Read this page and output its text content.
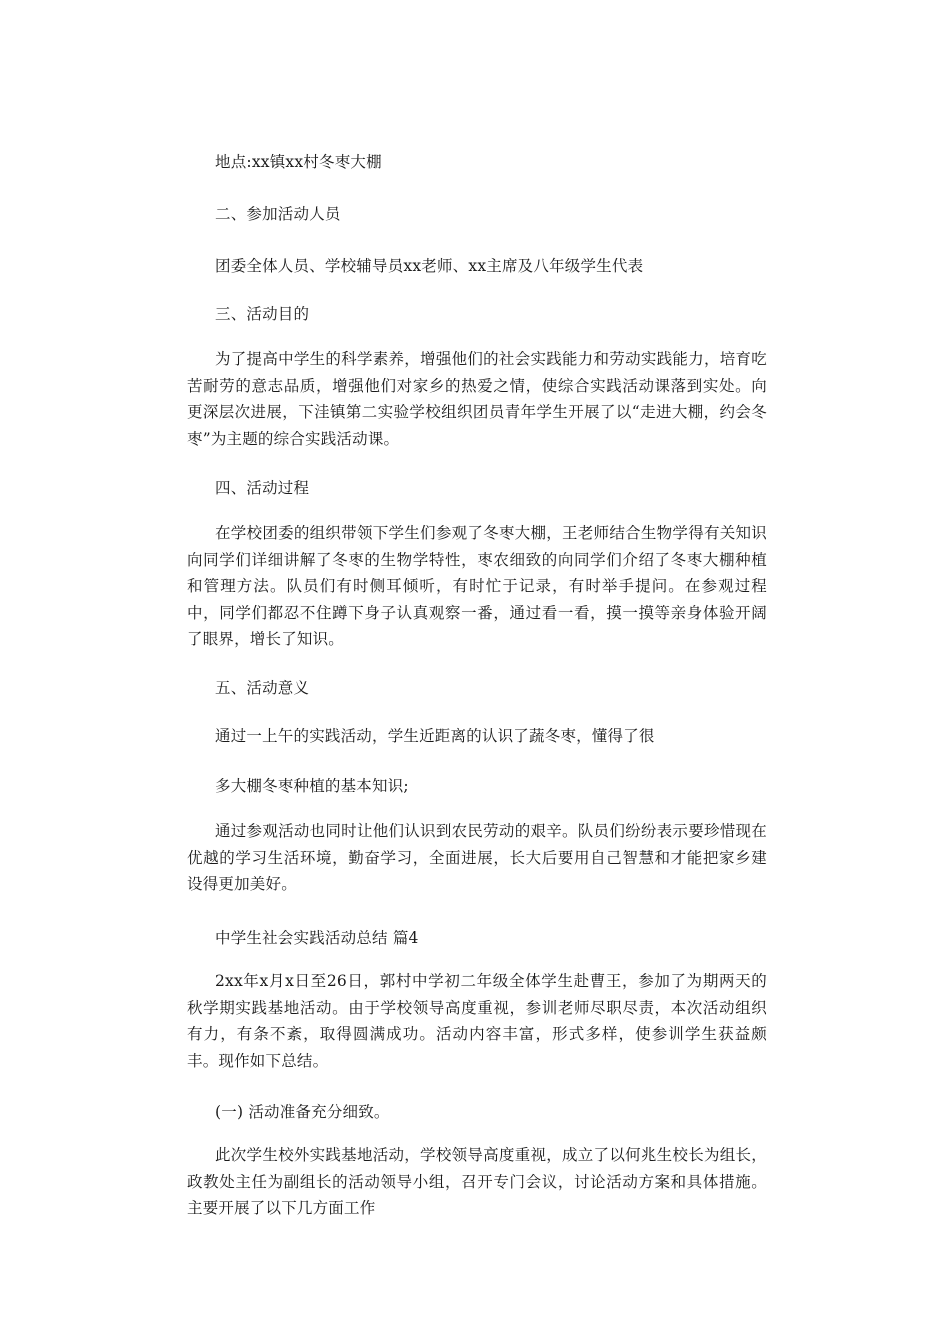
地点:xx镇xx村冬枣大棚
二、参加活动人员
团委全体人员、学校辅导员xx老师、xx主席及八年级学生代表
三、活动目的
为了提高中学生的科学素养，增强他们的社会实践能力和劳动实践能力，培育吃苦耐劳的意志品质，增强他们对家乡的热爱之情，使综合实践活动课落到实处。向更深层次进展，下洼镇第二实验学校组织团员青年学生开展了以“走进大棚，约会冬枣”为主题的综合实践活动课。
四、活动过程
在学校团委的组织带领下学生们参观了冬枣大棚，王老师结合生物学得有关知识向同学们详细讲解了冬枣的生物学特性，枣农细致的向同学们介绍了冬枣大棚种植和管理方法。队员们有时侧耳倾听，有时忙于记录，有时举手提问。在参观过程中，同学们都忍不住蹲下身子认真观察一番，通过看一看，摸一摸等亲身体验开阔了眼界，增长了知识。
五、活动意义
通过一上午的实践活动，学生近距离的认识了蔬冬枣，懂得了很
多大棚冬枣种植的基本知识;
通过参观活动也同时让他们认识到农民劳动的艰辛。队员们纷纷表示要珍惜现在优越的学习生活环境，勤奋学习，全面进展，长大后要用自己智慧和才能把家乡建设得更加美好。
中学生社会实践活动总结 篇4
2xx年x月x日至26日，郭村中学初二年级全体学生赴曹王，参加了为期两天的秋学期实践基地活动。由于学校领导高度重视，参训老师尽职尽责，本次活动组织有力，有条不紊，取得圆满成功。活动内容丰富，形式多样，使参训学生获益颇丰。现作如下总结。
(一) 活动准备充分细致。
此次学生校外实践基地活动，学校领导高度重视，成立了以何兆生校长为组长，政教处主任为副组长的活动领导小组，召开专门会议，讨论活动方案和具体措施。主要开展了以下几方面工作
